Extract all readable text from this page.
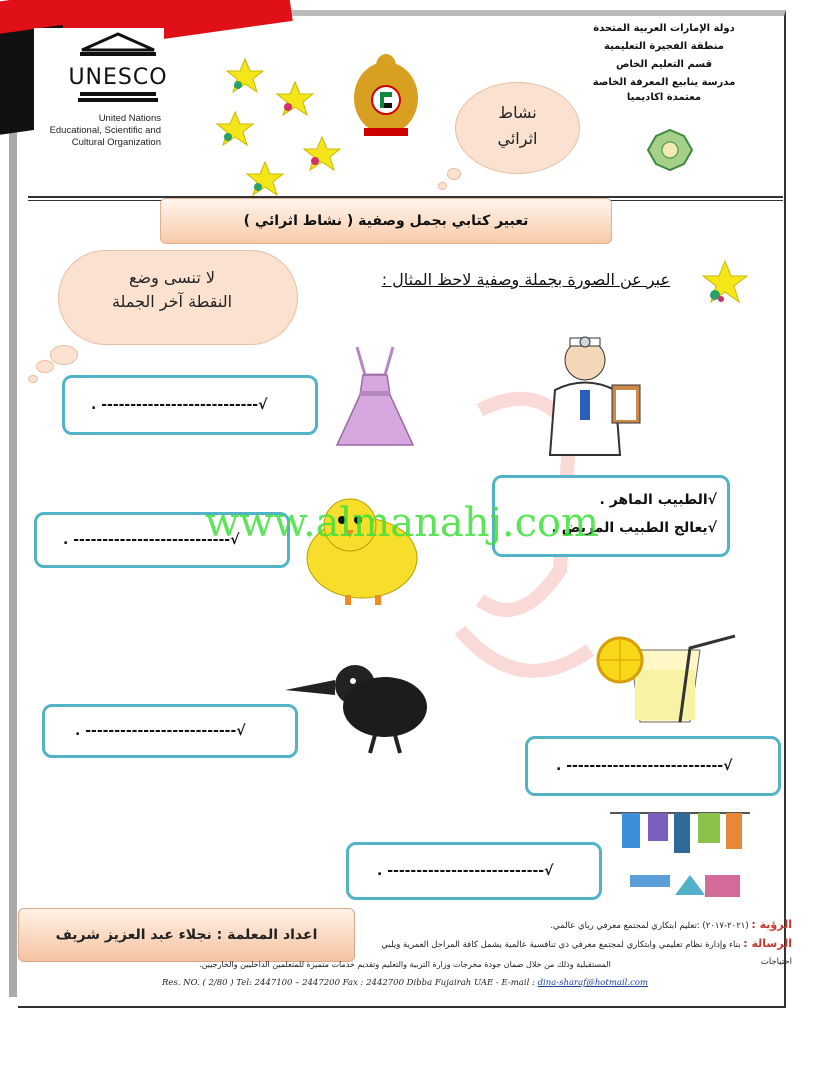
UNESCO
United Nations
Educational, Scientific and
Cultural Organization
نشاط
اثرائي
دولة الإمارات العربية المتحدة
منطقة الفجيرة التعليمية
قسم التعليم الخاص
مدرسة ينابيع المعرفة الخاصة
معتمدة اكاديميا
تعبير كتابي بجمل وصفية ( نشاط اثرائي )
عبر عن الصورة بجملة وصفية لاحظ المثال :
لا تنسى وضع
النقطة آخر الجملة
√الطبيب الماهر .
√يعالج الطبيب المريض .
. ---------------------------√
. ---------------------------√
. --------------------------√
. ---------------------------√
. ---------------------------√
www.almanahj.com
اعداد المعلمة : نجلاء عبد العزيز شريف
الرؤية : (٢٠٢١-٢٠١٧) :تعليم ابتكاري لمجتمع معرفي رياي عالمي.
الرسالة : بناء وإدارة نظام تعليمي وابتكاري لمجتمع معرفي ذي تنافسية عالمية يشمل كافة المراحل العمرية ويلبي احتياجات
المستقبلية وذلك من خلال ضمان جودة مخرجات وزارة التربية والتعليم وتقديم خدمات متميزة للمتعلمين الداخليين والخارجيين.
Res. NO. ( 2/80 ) Tel: 2447100 – 2447200 Fax : 2442700 Dibba Fujairah UAE - E-mail : dina-sharaf@hotmail.com
